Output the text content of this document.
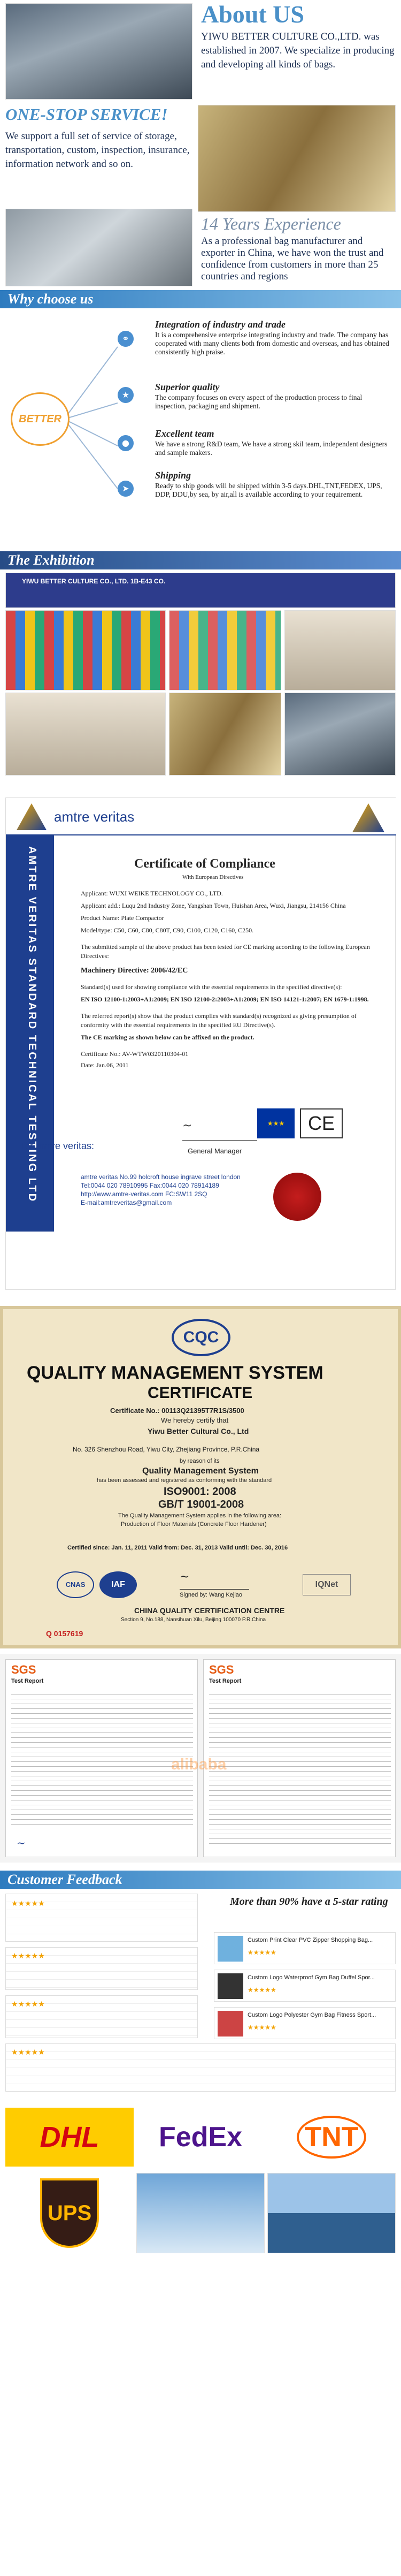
About US
YIWU BETTER CULTURE CO.,LTD. was established in 2007. We specialize in producing and developing all kinds of bags.
ONE-STOP SERVICE!
We support a full set of service of storage, transportation, custom, inspection, insurance, information network and so on.
14 Years Experience
As a professional bag manufacturer and exporter in China, we have won the trust and confidence from customers in more than 25 countries and regions
Why choose us
BETTER
⚭
Integration of industry and trade
It is a comprehensive enterprise integrating industry and trade. The company has cooperated with many clients both from domestic and overseas, and has obtained consistently high praise.
★
Superior quality
The company focuses on every aspect of the production process to final inspection, packaging and shipment.
●
Excellent team
We have a strong R&D team, We have a strong skil team, independent designers and sample makers.
➤
Shipping
Ready to ship goods will be shipped within 3-5 days.DHL,TNT,FEDEX, UPS, DDP, DDU,by sea, by air,all is available according to your requirement.
The Exhibition
YIWU BETTER CULTURE CO., LTD. 1B-E43 CO.
amtre veritas
AMTRE VERITAS STANDARD TECHNICAL TESTING LTD	Certificate of Compliance
With European Directives

Applicant: WUXI WEIKE TECHNOLOGY CO., LTD.

Applicant add.: Luqu 2nd Industry Zone, Yangshan Town, Huishan Area, Wuxi, Jiangsu, 214156 China

Product Name: Plate Compactor

Model/type: C50, C60, C80, C80T, C90, C100, C120, C160, C250.

The submitted sample of the above product has been tested for CE marking according to the following European Directives:

Machinery Directive: 2006/42/EC

Standard(s) used for showing compliance with the essential requirements in the specified directive(s):

EN ISO 12100-1:2003+A1:2009; EN ISO 12100-2:2003+A1:2009; EN ISO 14121-1:2007; EN 1679-1:1998.

The referred report(s) show that the product complies with standard(s) recognized as giving presumption of conformity with the essential requirements in the specified EU Directive(s).

The CE marking as shown below can be affixed on the product.

Certificate No.: AV-WTW0320110304-01

Date: Jan.06, 2011

for amtre veritas:
~
General Manager
★★★	CE
amtre veritas No.99 holcroft house ingrave street london
Tel:0044 020 78910995 Fax:0044 020 78914189
http://www.amtre-veritas.com FC:SW11 2SQ
E-mail:amtreveritas@gmail.com
CQC
QUALITY MANAGEMENT SYSTEM
CERTIFICATE
Certificate No.: 00113Q21395T7R1S/3500
We hereby certify that
Yiwu Better Cultural Co., Ltd
No. 326 Shenzhou Road, Yiwu City, Zhejiang Province, P.R.China
by reason of its
Quality Management System
has been assessed and registered as conforming with the standard
ISO9001: 2008
GB/T 19001-2008
The Quality Management System applies in the following area:
Production of Floor Materials (Concrete Floor Hardener)
Certified since: Jan. 11, 2011 Valid from: Dec. 31, 2013 Valid until: Dec. 30, 2016
CNAS	IAF
~
Signed by: Wang Kejiao
IQNet
CHINA QUALITY CERTIFICATION CENTRE
Section 9, No.188, Nansihuan Xilu, Beijing 100070 P.R.China
Q 0157619
SGS
Test Report
~
SGS
Test Report
alibaba
Customer Feedback
★★★★★	More than 90% have a 5-star rating
★★★★★
★★★★★
★★★★★
Custom Print Clear PVC Zipper Shopping Bag...
★★★★★
Custom Logo Waterproof Gym Bag Duffel Spor...
★★★★★
Custom Logo Polyester Gym Bag Fitness Sport...
★★★★★
DHL FedEx TNT
UPS
